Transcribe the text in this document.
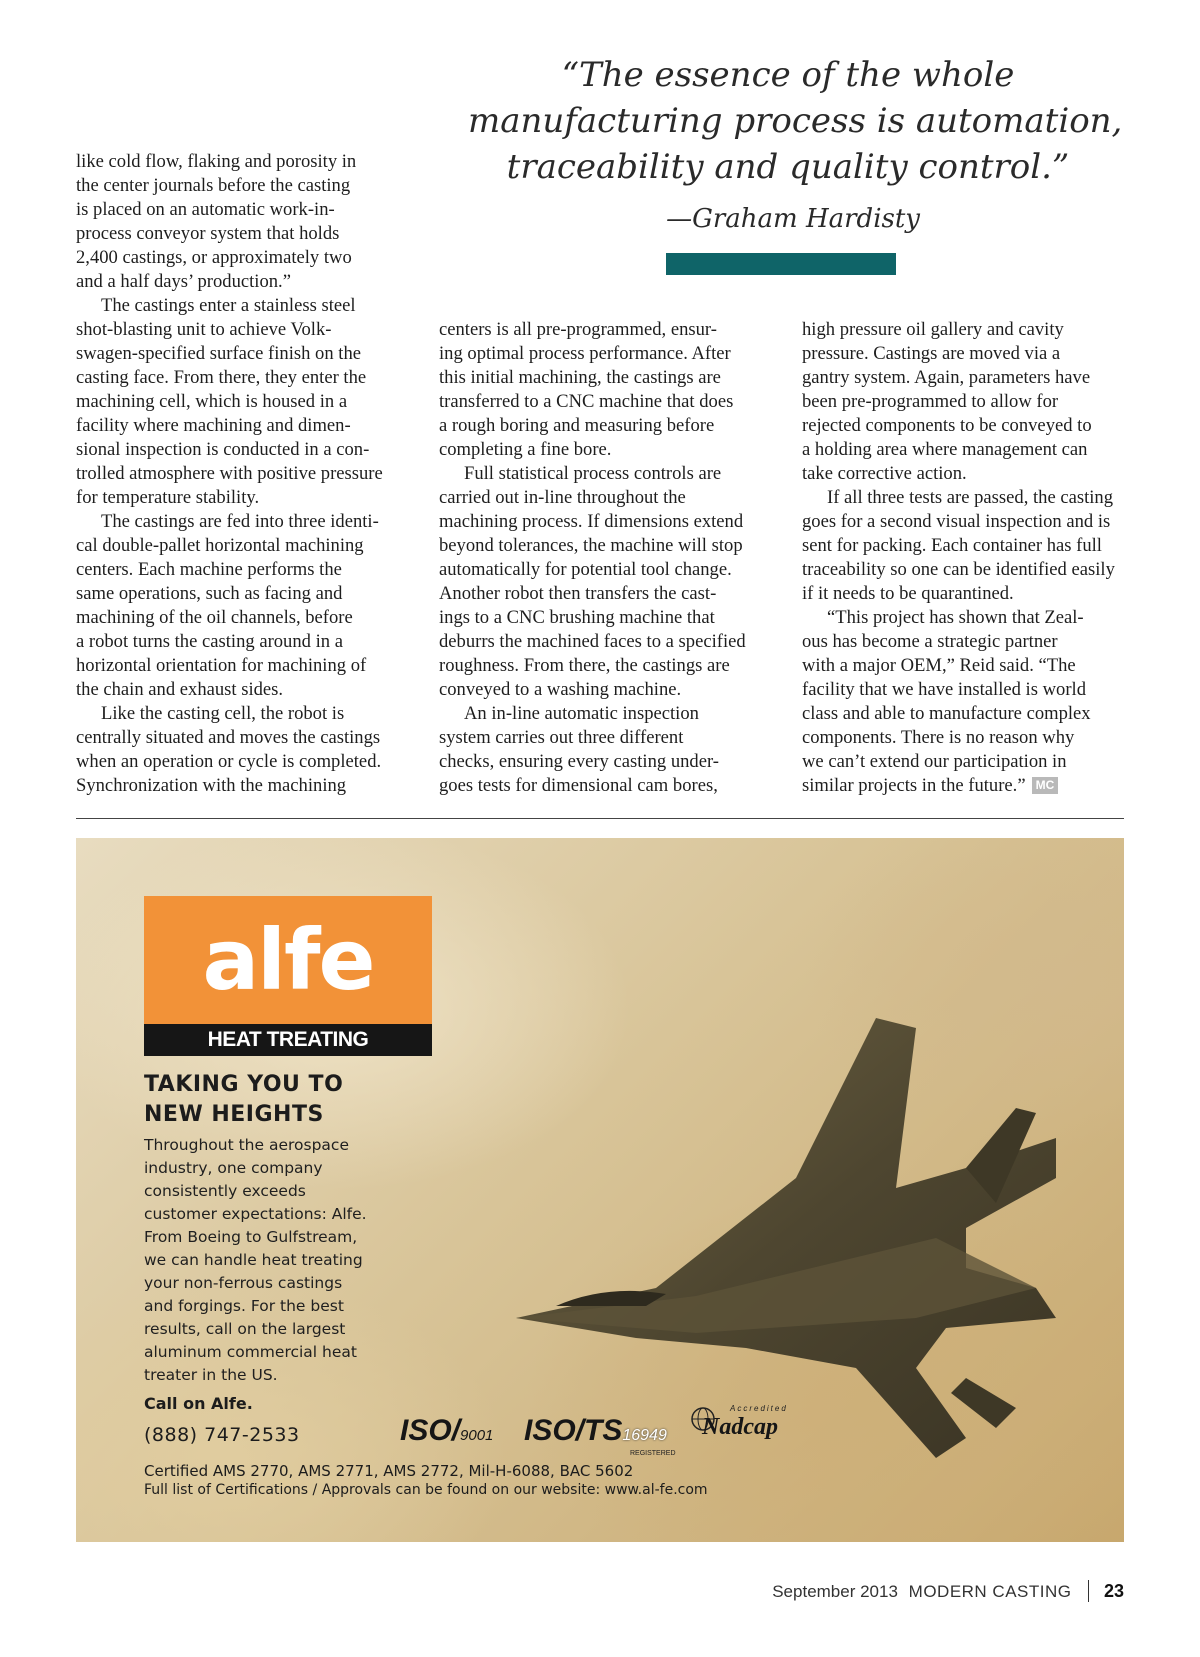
“The essence of the whole
manufacturing process is automation,
traceability and quality control.”
—Graham Hardisty
like cold flow, flaking and porosity in
the center journals before the casting
is placed on an automatic work-in-
process conveyor system that holds
2,400 castings, or approximately two
and a half days’ production.”
The castings enter a stainless steel
shot-blasting unit to achieve Volk-
swagen-specified surface finish on the
casting face. From there, they enter the
machining cell, which is housed in a
facility where machining and dimen-
sional inspection is conducted in a con-
trolled atmosphere with positive pressure
for temperature stability.
The castings are fed into three identi-
cal double-pallet horizontal machining
centers. Each machine performs the
same operations, such as facing and
machining of the oil channels, before
a robot turns the casting around in a
horizontal orientation for machining of
the chain and exhaust sides.
Like the casting cell, the robot is
centrally situated and moves the castings
when an operation or cycle is completed.
Synchronization with the machining
centers is all pre-programmed, ensur-
ing optimal process performance. After
this initial machining, the castings are
transferred to a CNC machine that does
a rough boring and measuring before
completing a fine bore.
Full statistical process controls are
carried out in-line throughout the
machining process. If dimensions extend
beyond tolerances, the machine will stop
automatically for potential tool change.
Another robot then transfers the cast-
ings to a CNC brushing machine that
deburrs the machined faces to a specified
roughness. From there, the castings are
conveyed to a washing machine.
An in-line automatic inspection
system carries out three different
checks, ensuring every casting under-
goes tests for dimensional cam bores,
high pressure oil gallery and cavity
pressure. Castings are moved via a
gantry system. Again, parameters have
been pre-programmed to allow for
rejected components to be conveyed to
a holding area where management can
take corrective action.
If all three tests are passed, the casting
goes for a second visual inspection and is
sent for packing. Each container has full
traceability so one can be identified easily
if it needs to be quarantined.
“This project has shown that Zeal-
ous has become a strategic partner
with a major OEM,” Reid said. “The
facility that we have installed is world
class and able to manufacture complex
components. There is no reason why
we can’t extend our participation in
similar projects in the future.” MC
alfe
HEAT TREATING
TAKING YOU TO
NEW HEIGHTS
Throughout the aerospace
industry, one company
consistently exceeds
customer expectations: Alfe.
From Boeing to Gulfstream,
we can handle heat treating
your non-ferrous castings
and forgings. For the best
results, call on the largest
aluminum commercial heat
treater in the US.
Call on Alfe.
(888) 747-2533	ISO/9001 ISO/TS16949
REGISTERED
Accredited
Nadcap
Certified AMS 2770, AMS 2771, AMS 2772, Mil-H-6088, BAC 5602
Full list of Certifications / Approvals can be found on our website: www.al-fe.com
September 2013 MODERN CASTING 23
